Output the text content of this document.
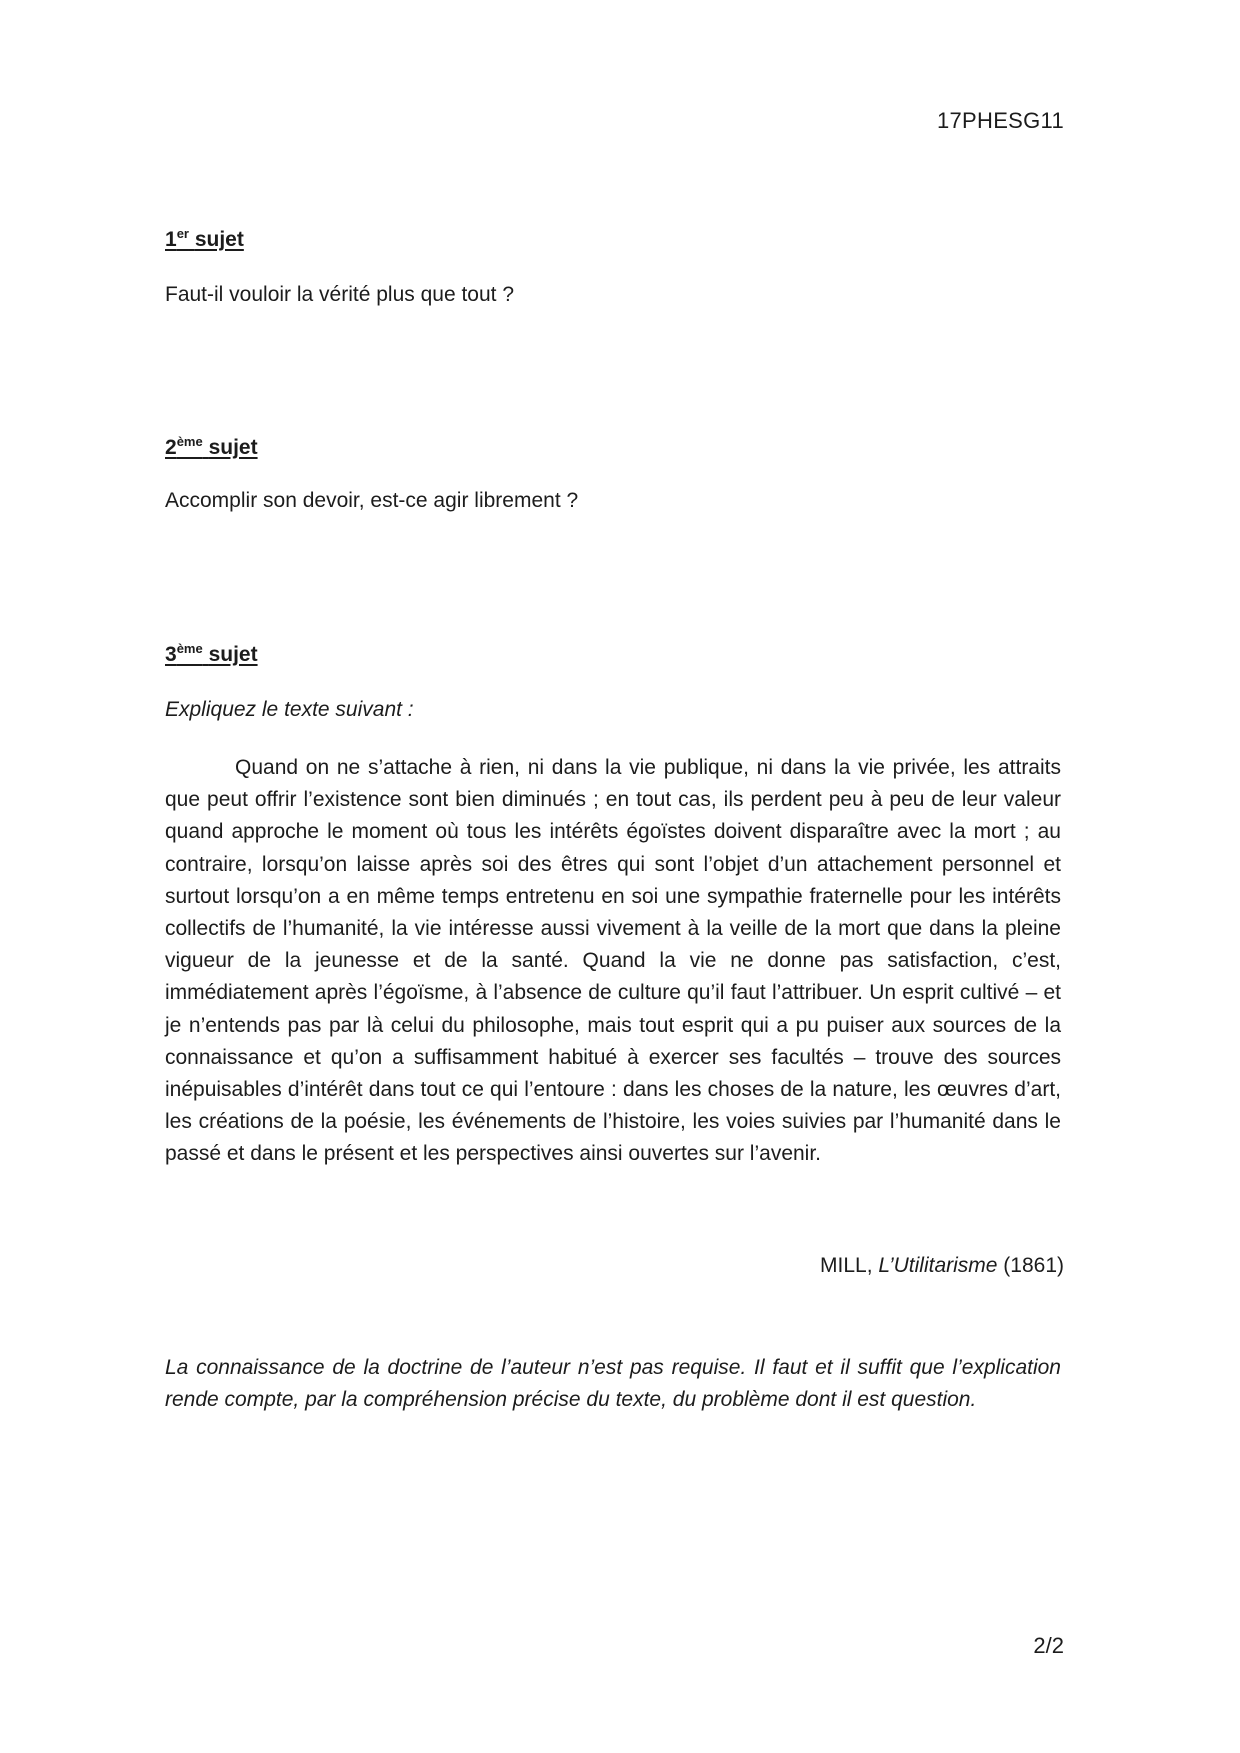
17PHESG11
1er sujet
Faut-il vouloir la vérité plus que tout ?
2ème sujet
Accomplir son devoir, est-ce agir librement ?
3ème sujet
Expliquez le texte suivant :

Quand on ne s’attache à rien, ni dans la vie publique, ni dans la vie privée, les attraits que peut offrir l’existence sont bien diminués ; en tout cas, ils perdent peu à peu de leur valeur quand approche le moment où tous les intérêts égoïstes doivent disparaître avec la mort ; au contraire, lorsqu’on laisse après soi des êtres qui sont l’objet d’un attachement personnel et surtout lorsqu’on a en même temps entretenu en soi une sympathie fraternelle pour les intérêts collectifs de l’humanité, la vie intéresse aussi vivement à la veille de la mort que dans la pleine vigueur de la jeunesse et de la santé. Quand la vie ne donne pas satisfaction, c’est, immédiatement après l’égoïsme, à l’absence de culture qu’il faut l’attribuer. Un esprit cultivé – et je n’entends pas par là celui du philosophe, mais tout esprit qui a pu puiser aux sources de la connaissance et qu’on a suffisamment habitué à exercer ses facultés – trouve des sources inépuisables d’intérêt dans tout ce qui l’entoure : dans les choses de la nature, les œuvres d’art, les créations de la poésie, les événements de l’histoire, les voies suivies par l’humanité dans le passé et dans le présent et les perspectives ainsi ouvertes sur l’avenir.

MILL, L’Utilitarisme (1861)

La connaissance de la doctrine de l’auteur n’est pas requise. Il faut et il suffit que l’explication rende compte, par la compréhension précise du texte, du problème dont il est question.

2/2
